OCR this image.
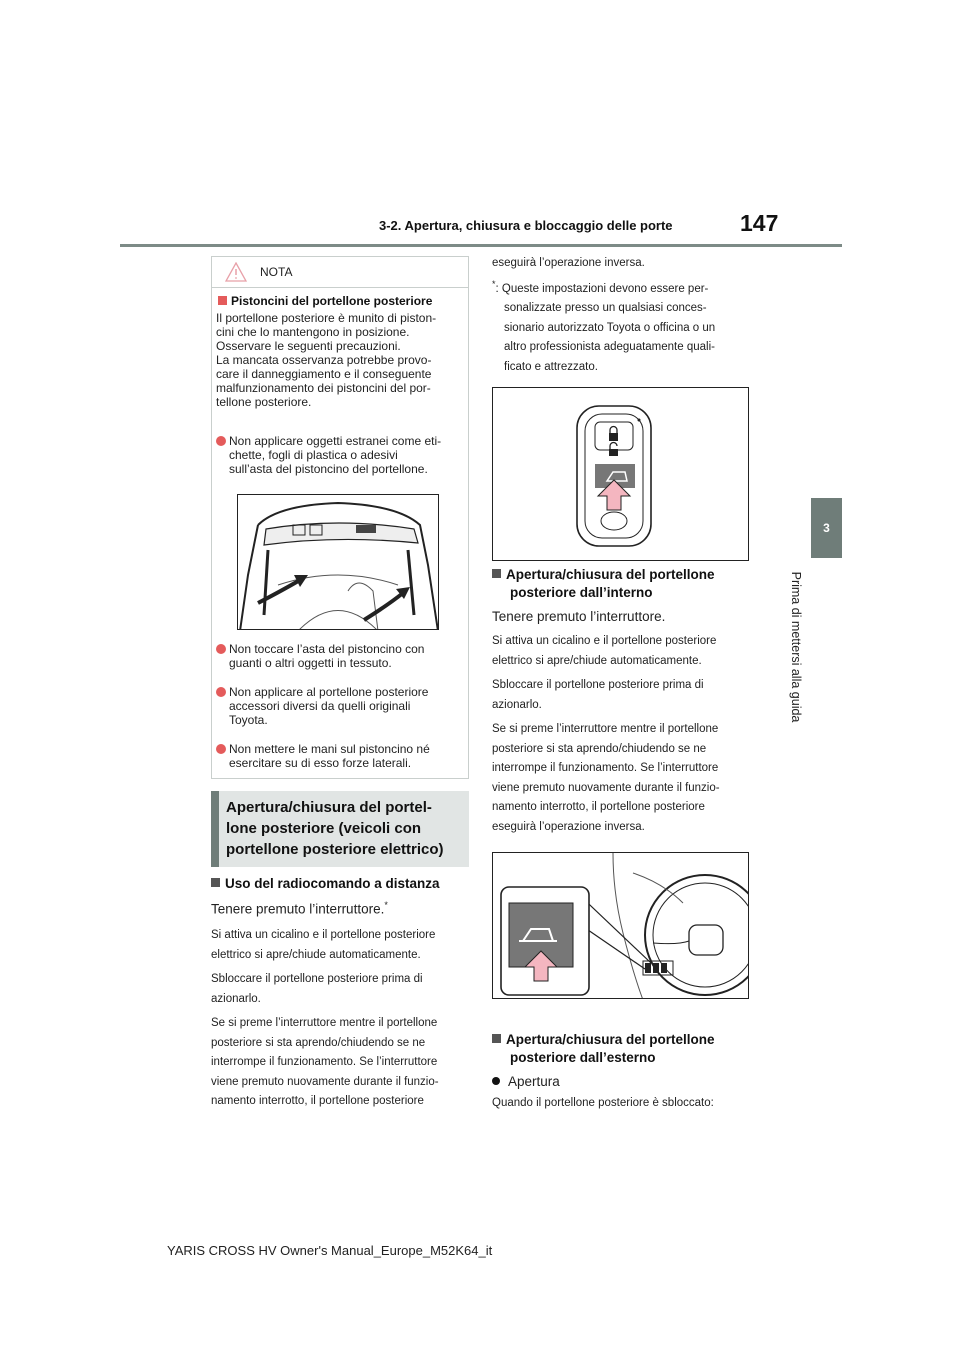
3-2. Apertura, chiusura e bloccaggio delle porte	147
3
Prima di mettersi alla guida
NOTA
Pistoncini del portellone posteriore
Il portellone posteriore è munito di piston-
cini che lo mantengono in posizione.
Osservare le seguenti precauzioni.
La mancata osservanza potrebbe provo-
care il danneggiamento e il conseguente
malfunzionamento dei pistoncini del por-
tellone posteriore.
Non applicare oggetti estranei come eti-
chette, fogli di plastica o adesivi
sull’asta del pistoncino del portellone.
Non toccare l’asta del pistoncino con
guanti o altri oggetti in tessuto.
Non applicare al portellone posteriore
accessori diversi da quelli originali
Toyota.
Non mettere le mani sul pistoncino né
esercitare su di esso forze laterali.
Apertura/chiusura del portel-
lone posteriore (veicoli con
portellone posteriore elettrico)
Uso del radiocomando a distanza
Tenere premuto l’interruttore.*
Si attiva un cicalino e il portellone posteriore
elettrico si apre/chiude automaticamente.
Sbloccare il portellone posteriore prima di
azionarlo.
Se si preme l’interruttore mentre il portellone
posteriore si sta aprendo/chiudendo se ne
interrompe il funzionamento. Se l’interruttore
viene premuto nuovamente durante il funzio-
namento interrotto, il portellone posteriore
eseguirà l’operazione inversa.
*: Queste impostazioni devono essere per-
sonalizzate presso un qualsiasi conces-
sionario autorizzato Toyota o officina o un
altro professionista adeguatamente quali-
ficato e attrezzato.
Apertura/chiusura del portellone
posteriore dall’interno
Tenere premuto l’interruttore.
Si attiva un cicalino e il portellone posteriore
elettrico si apre/chiude automaticamente.
Sbloccare il portellone posteriore prima di
azionarlo.
Se si preme l’interruttore mentre il portellone
posteriore si sta aprendo/chiudendo se ne
interrompe il funzionamento. Se l’interruttore
viene premuto nuovamente durante il funzio-
namento interrotto, il portellone posteriore
eseguirà l’operazione inversa.
Apertura/chiusura del portellone
posteriore dall’esterno
Apertura
Quando il portellone posteriore è sbloccato:
YARIS CROSS HV Owner's Manual_Europe_M52K64_it
